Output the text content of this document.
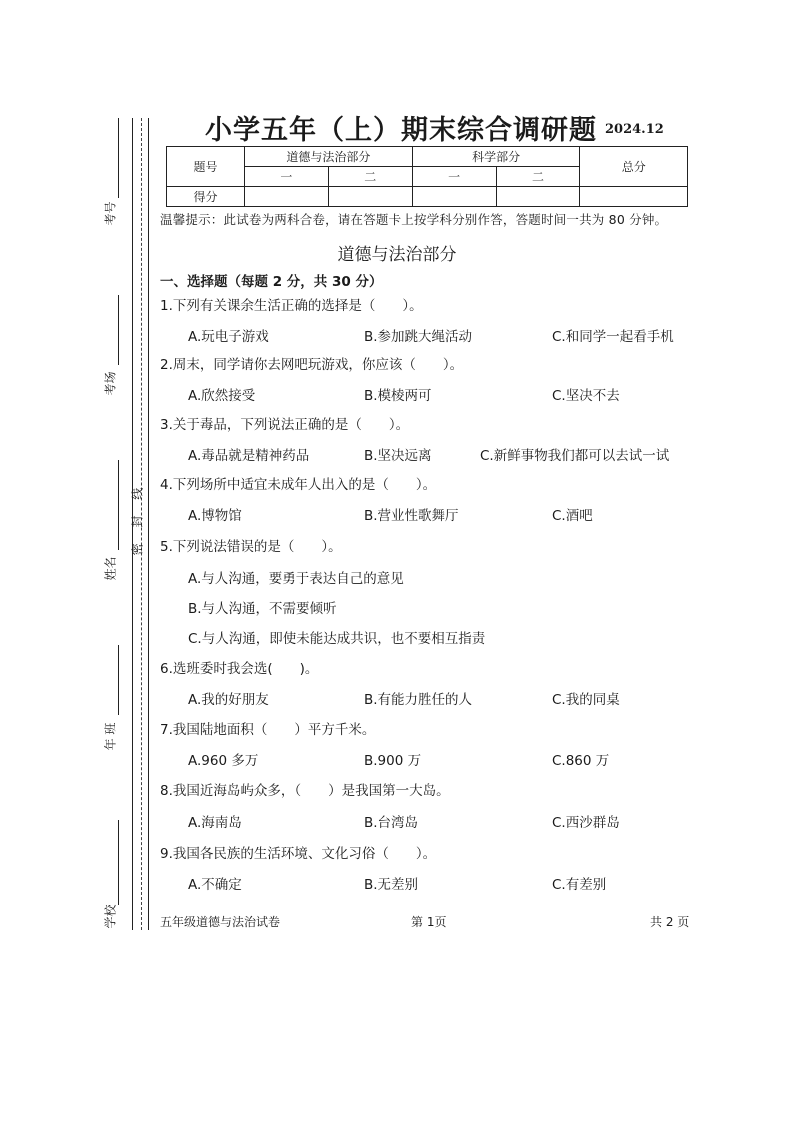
考号
考场
姓名
密 封 线
年 班
学校
小学五年（上）期末综合调研题 2024.12
题号	道德与法治部分		科学部分		总分
	一	二	一	二	
得分					
温馨提示：此试卷为两科合卷，请在答题卡上按学科分别作答，答题时间一共为 80 分钟。
道德与法治部分
一、选择题（每题 2 分，共 30 分）
1.下列有关课余生活正确的选择是（　　）。
A.玩电子游戏	B.参加跳大绳活动	C.和同学一起看手机
2.周末，同学请你去网吧玩游戏，你应该（　　）。
A.欣然接受	B.模棱两可	C.坚决不去
3.关于毒品，下列说法正确的是（　　）。
A.毒品就是精神药品	B.坚决远离	C.新鲜事物我们都可以去试一试
4.下列场所中适宜未成年人出入的是（　　）。
A.博物馆	B.营业性歌舞厅	C.酒吧
5.下列说法错误的是（　　）。
A.与人沟通，要勇于表达自己的意见
B.与人沟通，不需要倾听
C.与人沟通，即使未能达成共识，也不要相互指责
6.选班委时我会选(　　)。
A.我的好朋友	B.有能力胜任的人	C.我的同桌
7.我国陆地面积（　　）平方千米。
A.960 多万	B.900 万	C.860 万
8.我国近海岛屿众多，（　　）是我国第一大岛。
A.海南岛	B.台湾岛	C.西沙群岛
9.我国各民族的生活环境、文化习俗（　　）。
A.不确定	B.无差别	C.有差别
五年级道德与法治试卷	第 1页	共 2 页
